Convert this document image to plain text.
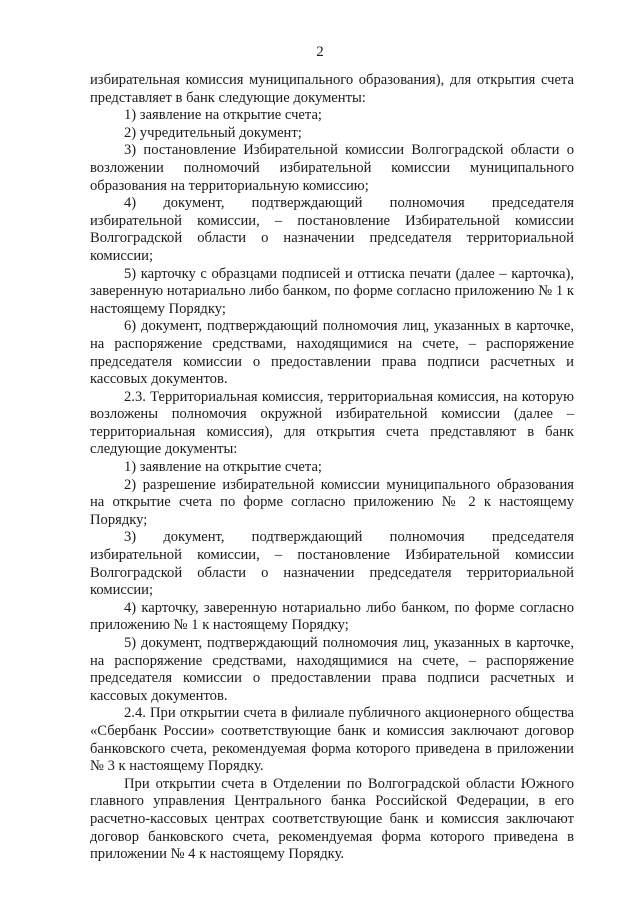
2

избирательная комиссия муниципального образования), для открытия счета представляет в банк следующие документы:

1) заявление на открытие счета;

2) учредительный документ;

3) постановление Избирательной комиссии Волгоградской области о возложении полномочий избирательной комиссии муниципального образования на территориальную комиссию;

4) документ, подтверждающий полномочия председателя избирательной комиссии, – постановление Избирательной комиссии Волгоградской области о назначении председателя территориальной комиссии;

5) карточку с образцами подписей и оттиска печати (далее – карточка), заверенную нотариально либо банком, по форме согласно приложению № 1 к настоящему Порядку;

6) документ, подтверждающий полномочия лиц, указанных в карточке, на распоряжение средствами, находящимися на счете, – распоряжение председателя комиссии о предоставлении права подписи расчетных и кассовых документов.

2.3. Территориальная комиссия, территориальная комиссия, на которую возложены полномочия окружной избирательной комиссии (далее – территориальная комиссия), для открытия счета представляют в банк следующие документы:

1) заявление на открытие счета;

2) разрешение избирательной комиссии муниципального образования на открытие счета по форме согласно приложению № 2 к настоящему Порядку;

3) документ, подтверждающий полномочия председателя избирательной комиссии, – постановление Избирательной комиссии Волгоградской области о назначении председателя территориальной комиссии;

4) карточку, заверенную нотариально либо банком, по форме согласно приложению № 1 к настоящему Порядку;

5) документ, подтверждающий полномочия лиц, указанных в карточке, на распоряжение средствами, находящимися на счете, – распоряжение председателя комиссии о предоставлении права подписи расчетных и кассовых документов.

2.4. При открытии счета в филиале публичного акционерного общества «Сбербанк России» соответствующие банк и комиссия заключают договор банковского счета, рекомендуемая форма которого приведена в приложении № 3 к настоящему Порядку.

При открытии счета в Отделении по Волгоградской области Южного главного управления Центрального банка Российской Федерации, в его расчетно-кассовых центрах соответствующие банк и комиссия заключают договор банковского счета, рекомендуемая форма которого приведена в приложении № 4 к настоящему Порядку.
